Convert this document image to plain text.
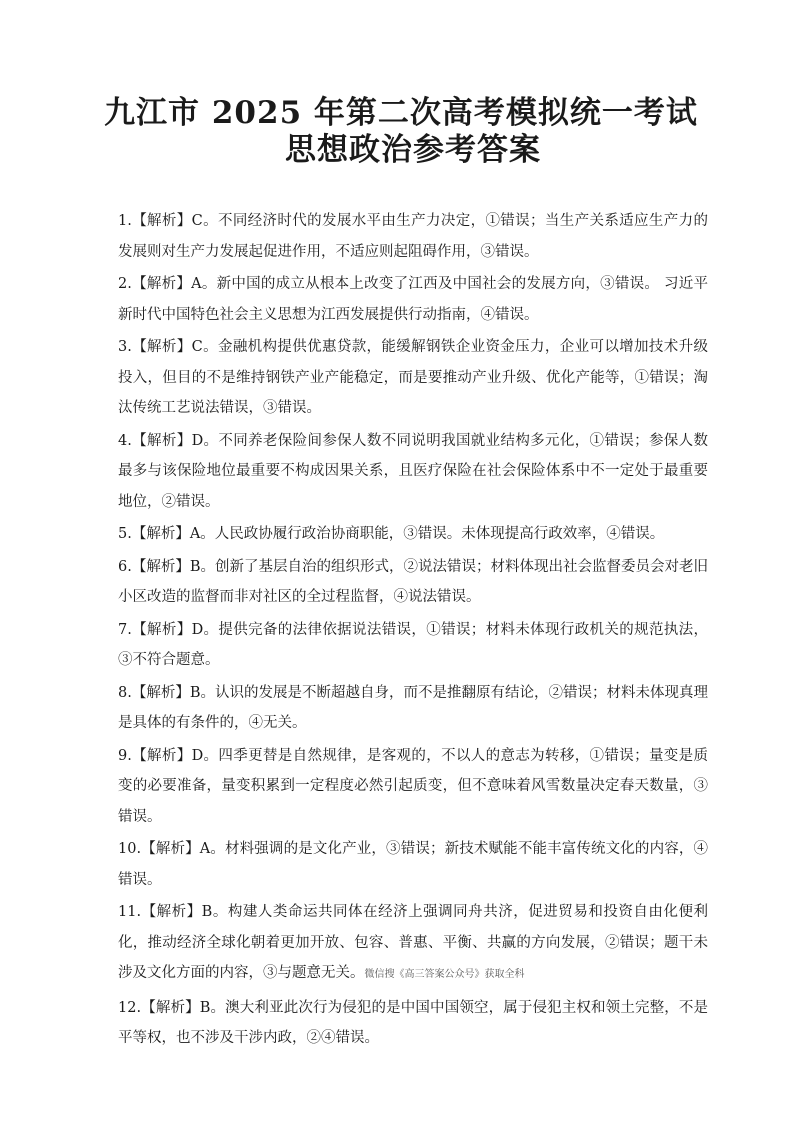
九江市 2025 年第二次高考模拟统一考试
思想政治参考答案

1.【解析】C。不同经济时代的发展水平由生产力决定，①错误；当生产关系适应生产力的发展则对生产力发展起促进作用，不适应则起阻碍作用，③错误。

2.【解析】A。新中国的成立从根本上改变了江西及中国社会的发展方向，③错误。 习近平新时代中国特色社会主义思想为江西发展提供行动指南，④错误。

3.【解析】C。金融机构提供优惠贷款，能缓解钢铁企业资金压力，企业可以增加技术升级投入，但目的不是维持钢铁产业产能稳定，而是要推动产业升级、优化产能等，①错误；淘汰传统工艺说法错误，③错误。

4.【解析】D。不同养老保险间参保人数不同说明我国就业结构多元化，①错误；参保人数最多与该保险地位最重要不构成因果关系，且医疗保险在社会保险体系中不一定处于最重要地位，②错误。

5.【解析】A。人民政协履行政治协商职能，③错误。未体现提高行政效率，④错误。

6.【解析】B。创新了基层自治的组织形式，②说法错误；材料体现出社会监督委员会对老旧小区改造的监督而非对社区的全过程监督，④说法错误。

7.【解析】D。提供完备的法律依据说法错误，①错误；材料未体现行政机关的规范执法，③不符合题意。

8.【解析】B。认识的发展是不断超越自身，而不是推翻原有结论，②错误；材料未体现真理是具体的有条件的，④无关。

9.【解析】D。四季更替是自然规律，是客观的，不以人的意志为转移，①错误；量变是质变的必要准备，量变积累到一定程度必然引起质变，但不意味着风雪数量决定春天数量，③错误。

10.【解析】A。材料强调的是文化产业，③错误；新技术赋能不能丰富传统文化的内容，④错误。

11.【解析】B。构建人类命运共同体在经济上强调同舟共济，促进贸易和投资自由化便利化，推动经济全球化朝着更加开放、包容、普惠、平衡、共赢的方向发展，②错误；题干未涉及文化方面的内容，③与题意无关。微信搜《高三答案公众号》获取全科

12.【解析】B。澳大利亚此次行为侵犯的是中国中国领空，属于侵犯主权和领土完整，不是平等权，也不涉及干涉内政，②④错误。
